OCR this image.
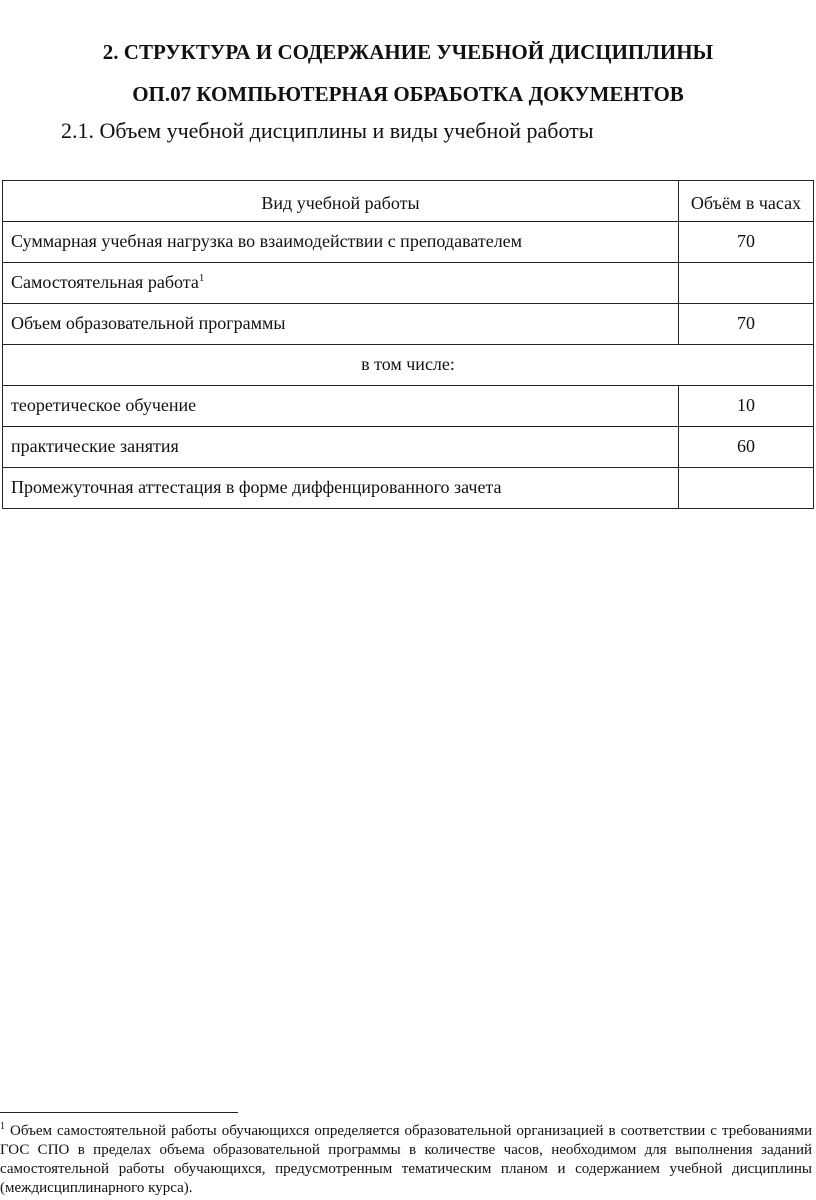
2. СТРУКТУРА И СОДЕРЖАНИЕ УЧЕБНОЙ ДИСЦИПЛИНЫ
ОП.07 КОМПЬЮТЕРНАЯ ОБРАБОТКА ДОКУМЕНТОВ

2.1. Объем учебной дисциплины и виды учебной работы

Вид учебной работы	Объём в часах
Суммарная учебная нагрузка во взаимодействии с преподавателем	70
Самостоятельная работа$^1$	
Объем образовательной программы	70
в том числе:	
теоретическое обучение	10
практические занятия	60
Промежуточная аттестация в форме диффенцированного зачета	

$^1$ Объем самостоятельной работы обучающихся определяется образовательной организацией в соответствии с требованиями ГОС СПО в пределах объема образовательной программы в количестве часов, необходимом для выполнения заданий самостоятельной работы обучающихся, предусмотренным тематическим планом и содержанием учебной дисциплины (междисциплинарного курса).
